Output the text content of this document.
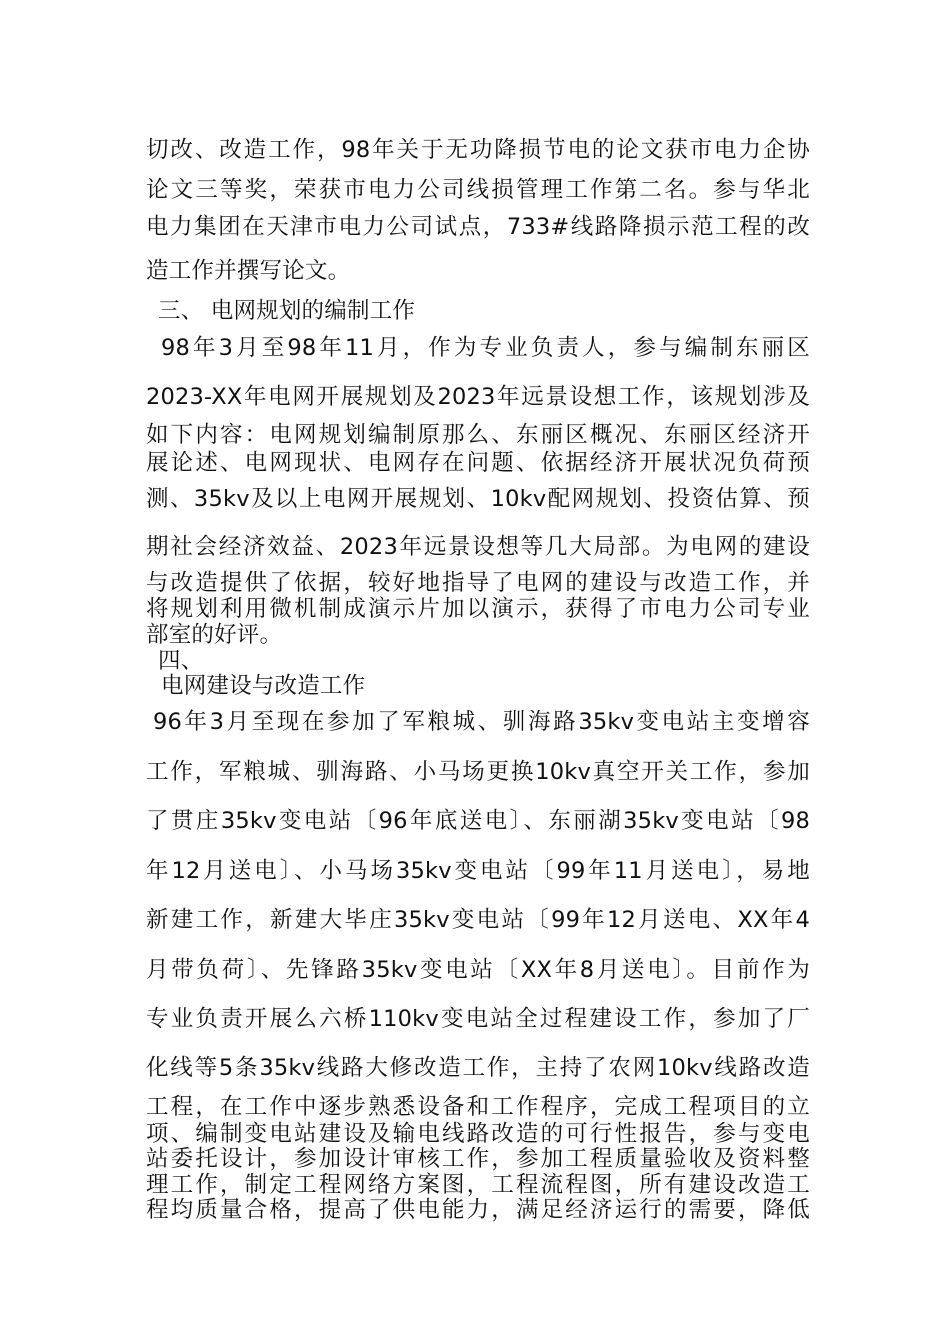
切改、改造工作，98年关于无功降损节电的论文获市电力企协
论文三等奖，荣获市电力公司线损管理工作第二名。参与华北
电力集团在天津市电力公司试点，733#线路降损示范工程的改
造工作并撰写论文。
三、 电网规划的编制工作
98年3月至98年11月，作为专业负责人，参与编制东丽区
2023-XX年电网开展规划及2023年远景设想工作，该规划涉及
如下内容：电网规划编制原那么、东丽区概况、东丽区经济开
展论述、电网现状、电网存在问题、依据经济开展状况负荷预
测、35kv及以上电网开展规划、10kv配网规划、投资估算、预
期社会经济效益、2023年远景设想等几大局部。为电网的建设
与改造提供了依据，较好地指导了电网的建设与改造工作，并
将规划利用微机制成演示片加以演示，获得了市电力公司专业
部室的好评。
四、
电网建设与改造工作
96年3月至现在参加了军粮城、驯海路35kv变电站主变增容
工作，军粮城、驯海路、小马场更换10kv真空开关工作，参加
了贯庄35kv变电站〔96年底送电〕、东丽湖35kv变电站〔98
年12月送电〕、小马场35kv变电站〔99年11月送电〕，易地
新建工作，新建大毕庄35kv变电站〔99年12月送电、XX年4
月带负荷〕、先锋路35kv变电站〔XX年8月送电〕。目前作为
专业负责开展么六桥110kv变电站全过程建设工作，参加了厂
化线等5条35kv线路大修改造工作，主持了农网10kv线路改造
工程，在工作中逐步熟悉设备和工作程序，完成工程项目的立
项、编制变电站建设及输电线路改造的可行性报告，参与变电
站委托设计，参加设计审核工作，参加工程质量验收及资料整
理工作，制定工程网络方案图，工程流程图，所有建设改造工
程均质量合格，提高了供电能力，满足经济运行的需要，降低
